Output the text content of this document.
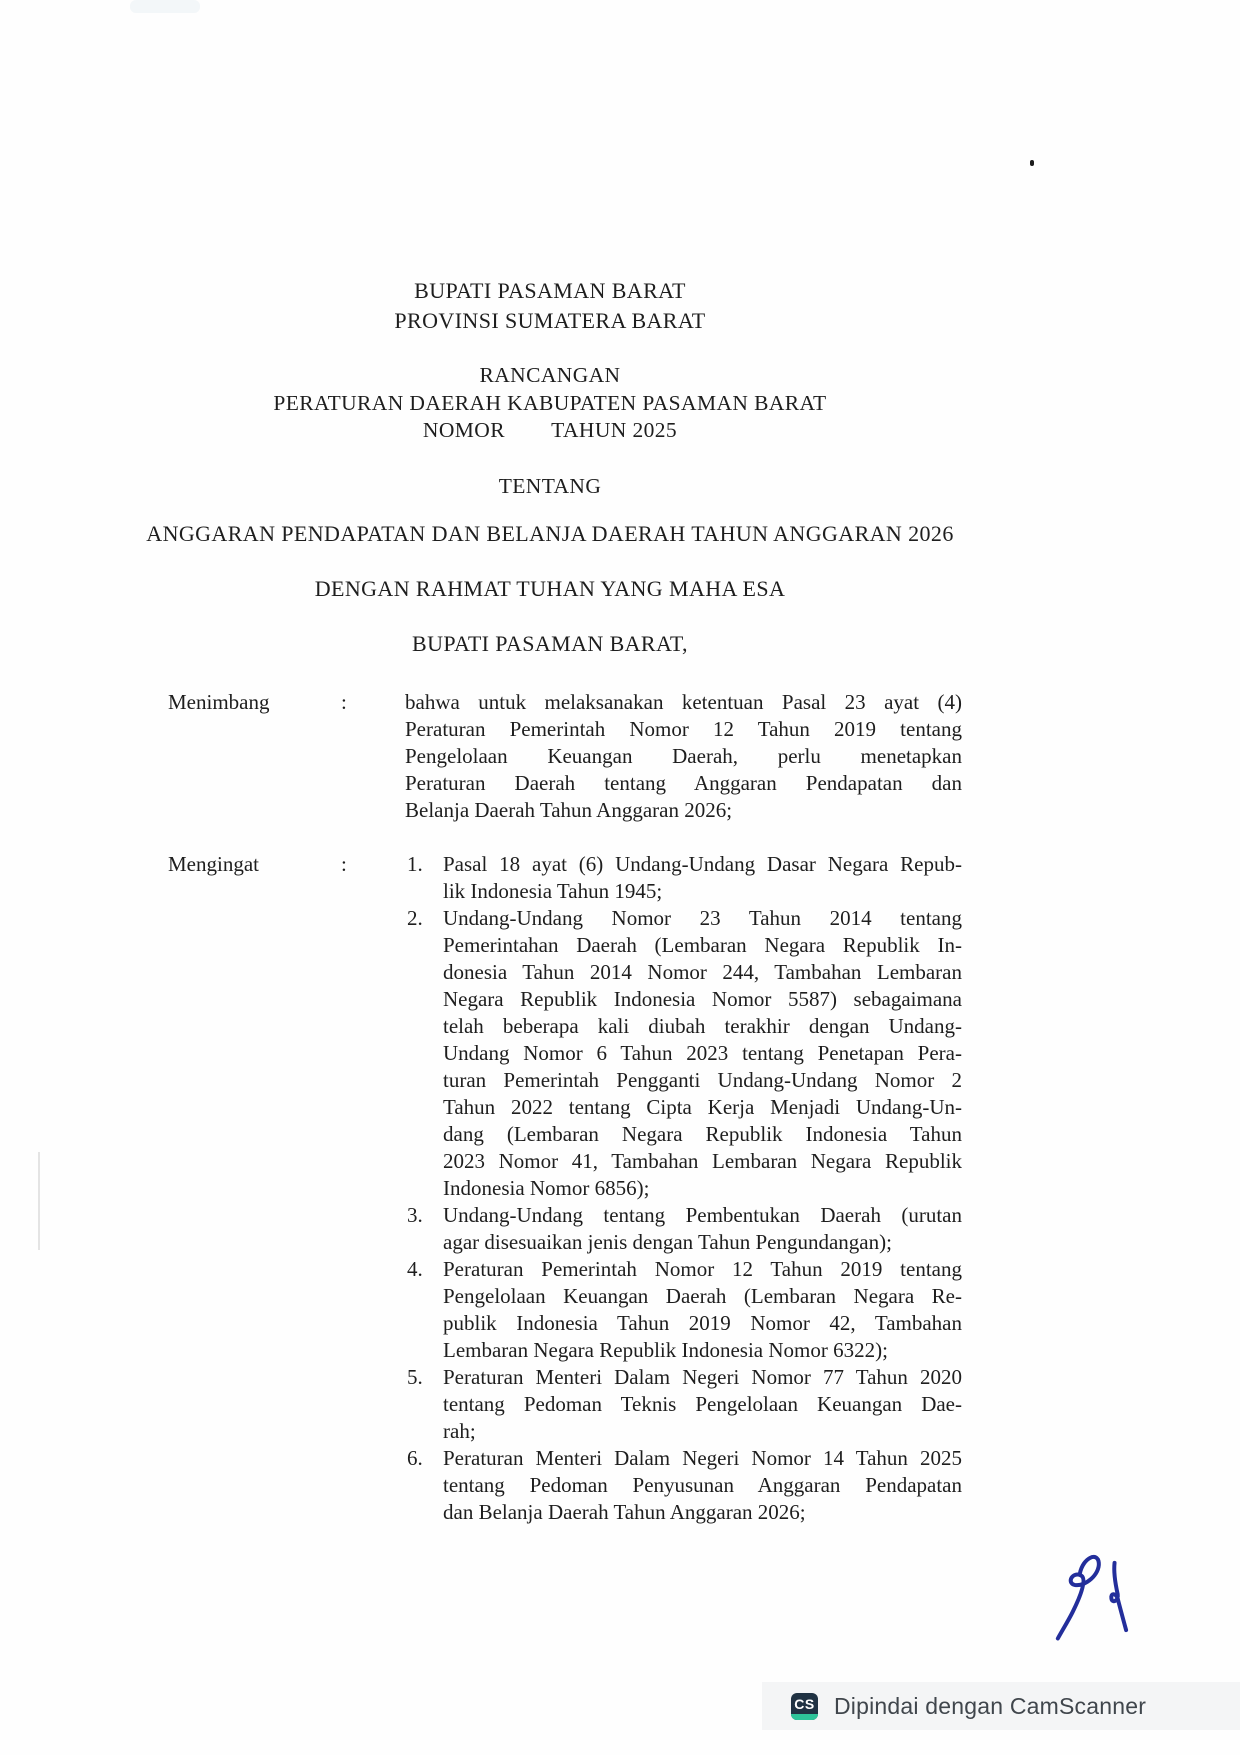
BUPATI PASAMAN BARAT
PROVINSI SUMATERA BARAT
RANCANGAN
PERATURAN DAERAH KABUPATEN PASAMAN BARAT
NOMOR        TAHUN 2025
TENTANG
ANGGARAN PENDAPATAN DAN BELANJA DAERAH TAHUN ANGGARAN 2026
DENGAN RAHMAT TUHAN YANG MAHA ESA
BUPATI PASAMAN BARAT,
Menimbang	:	bahwa untuk melaksanakan ketentuan Pasal 23 ayat (4)
Peraturan Pemerintah Nomor 12 Tahun 2019 tentang
Pengelolaan Keuangan Daerah, perlu menetapkan
Peraturan Daerah tentang Anggaran Pendapatan dan
Belanja Daerah Tahun Anggaran 2026;
Mengingat	:	1. Pasal 18 ayat (6) Undang-Undang Dasar Negara Repub-
lik Indonesia Tahun 1945;
2. Undang-Undang Nomor 23 Tahun 2014 tentang
Pemerintahan Daerah (Lembaran Negara Republik In-
donesia Tahun 2014 Nomor 244, Tambahan Lembaran
Negara Republik Indonesia Nomor 5587) sebagaimana
telah beberapa kali diubah terakhir dengan Undang-
Undang Nomor 6 Tahun 2023 tentang Penetapan Pera-
turan Pemerintah Pengganti Undang-Undang Nomor 2
Tahun 2022 tentang Cipta Kerja Menjadi Undang-Un-
dang (Lembaran Negara Republik Indonesia Tahun
2023 Nomor 41, Tambahan Lembaran Negara Republik
Indonesia Nomor 6856);
3. Undang-Undang tentang Pembentukan Daerah (urutan
agar disesuaikan jenis dengan Tahun Pengundangan);
4. Peraturan Pemerintah Nomor 12 Tahun 2019 tentang
Pengelolaan Keuangan Daerah (Lembaran Negara Re-
publik Indonesia Tahun 2019 Nomor 42, Tambahan
Lembaran Negara Republik Indonesia Nomor 6322);
5. Peraturan Menteri Dalam Negeri Nomor 77 Tahun 2020
tentang Pedoman Teknis Pengelolaan Keuangan Dae-
rah;
6. Peraturan Menteri Dalam Negeri Nomor 14 Tahun 2025
tentang Pedoman Penyusunan Anggaran Pendapatan
dan Belanja Daerah Tahun Anggaran 2026;
CS Dipindai dengan CamScanner
